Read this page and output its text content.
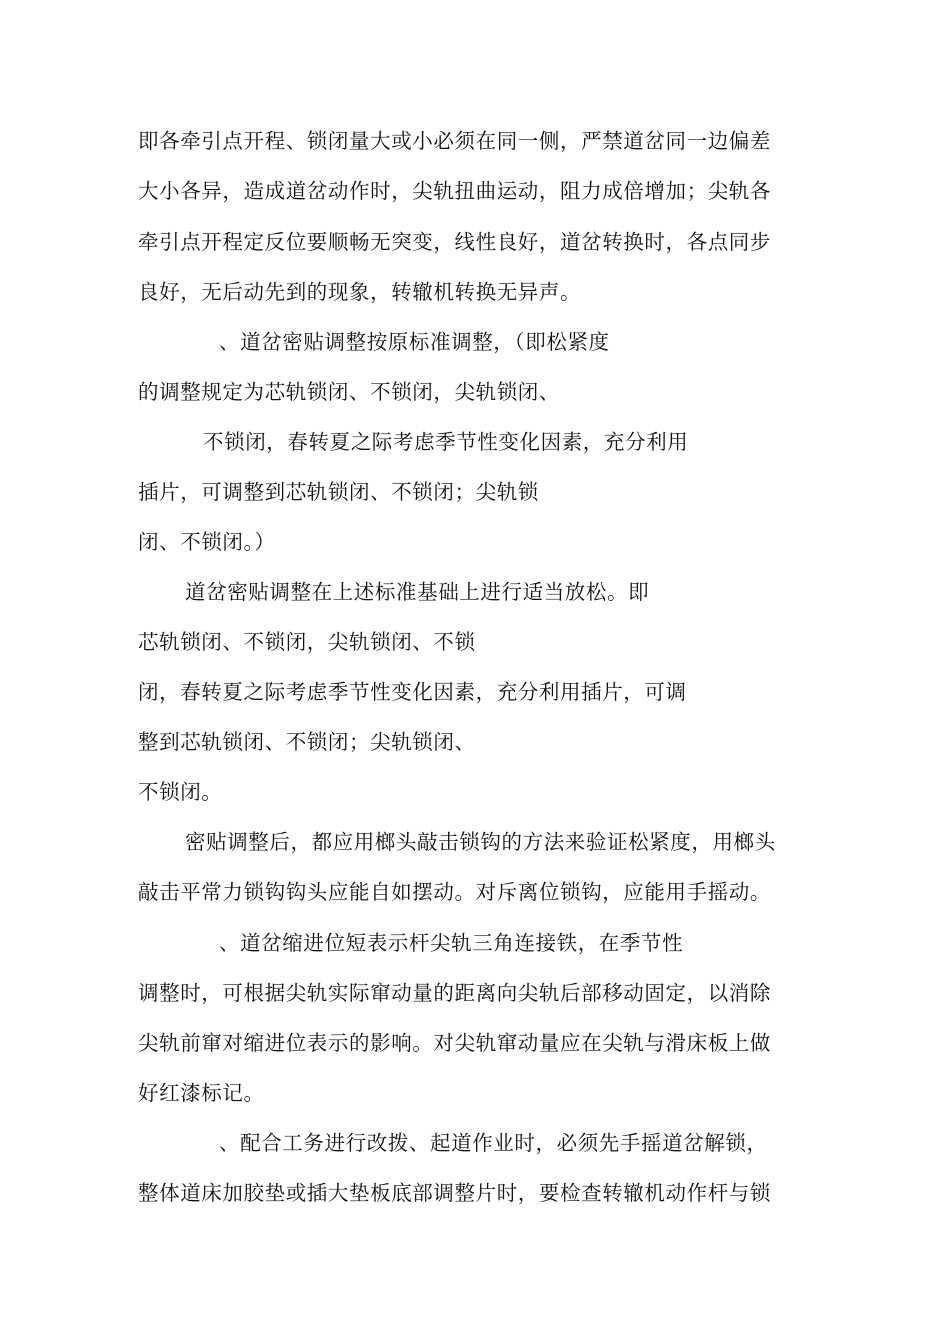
即各牵引点开程、锁闭量大或小必须在同一侧，严禁道岔同一边偏差
大小各异，造成道岔动作时，尖轨扭曲运动，阻力成倍增加；尖轨各
牵引点开程定反位要顺畅无突变，线性良好，道岔转换时，各点同步
良好，无后动先到的现象，转辙机转换无异声。
、道岔密贴调整按原标准调整，（即松紧度
的调整规定为芯轨锁闭、不锁闭，尖轨锁闭、
不锁闭，春转夏之际考虑季节性变化因素，充分利用
插片，可调整到芯轨锁闭、不锁闭；尖轨锁
闭、不锁闭。）
道岔密贴调整在上述标准基础上进行适当放松。即
芯轨锁闭、不锁闭，尖轨锁闭、不锁
闭，春转夏之际考虑季节性变化因素，充分利用插片，可调
整到芯轨锁闭、不锁闭；尖轨锁闭、
不锁闭。
密贴调整后，都应用榔头敲击锁钩的方法来验证松紧度，用榔头
敲击平常力锁钩钩头应能自如摆动。对斥离位锁钩，应能用手摇动。
、道岔缩进位短表示杆尖轨三角连接铁，在季节性
调整时，可根据尖轨实际窜动量的距离向尖轨后部移动固定，以消除
尖轨前窜对缩进位表示的影响。对尖轨窜动量应在尖轨与滑床板上做
好红漆标记。
、配合工务进行改拨、起道作业时，必须先手摇道岔解锁，
整体道床加胶垫或插大垫板底部调整片时，要检查转辙机动作杆与锁
